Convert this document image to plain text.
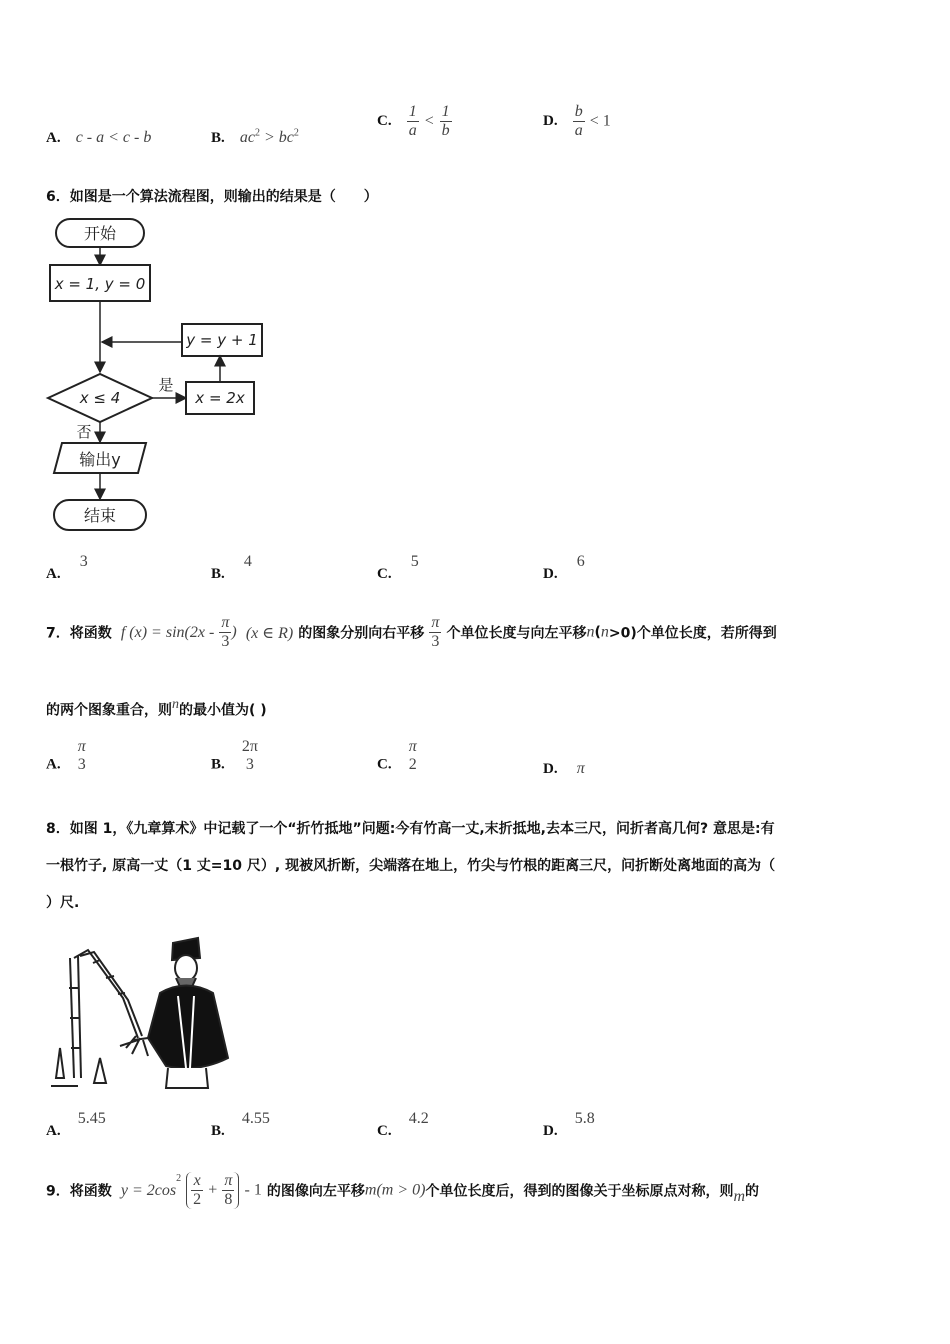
A. c - a < c - b	B. $ac^2 > bc^2$
C. $\frac{1}{a} < \frac{1}{b}$	D. $\frac{b}{a} < 1$
6．如图是一个算法流程图，则输出的结果是（　　）
开始
x = 1, y = 0
y = y + 1
x ≤ 4
是
x = 2x
否
输出y
结束
A. 3
B. 4
C. 5
D. 6
7．将函数 f $(x) = \sin(2x - \frac{\pi}{3}$ ) (x ∈ R) 的图象分别向右平移 $\frac{\pi}{3}$ 个单位长度与向左平移n(n>0)个单位长度，若所得到
的两个图象重合，则$^n$的最小值为( )
A.
π
3	B.
2π
3	C.
π
2	D. π
8．如图 1，《九章算术》中记载了一个“折竹抵地”问题:今有竹高一丈,末折抵地,去本三尺，问折者高几何? 意思是:有
一根竹子, 原高一丈（1 丈=10 尺）, 现被风折断，尖端落在地上，竹尖与竹根的距离三尺，问折断处离地面的高为（
）尺.
A. 5.45
B. 4.55
C. 4.2
D. 5.8
9．将函数 $y = 2\cos^2 \frac{x}{2} + \frac{\pi}{8} - 1$ 的图像向左平移m(m > 0)个单位长度后，得到的图像关于坐标原点对称，则m的
